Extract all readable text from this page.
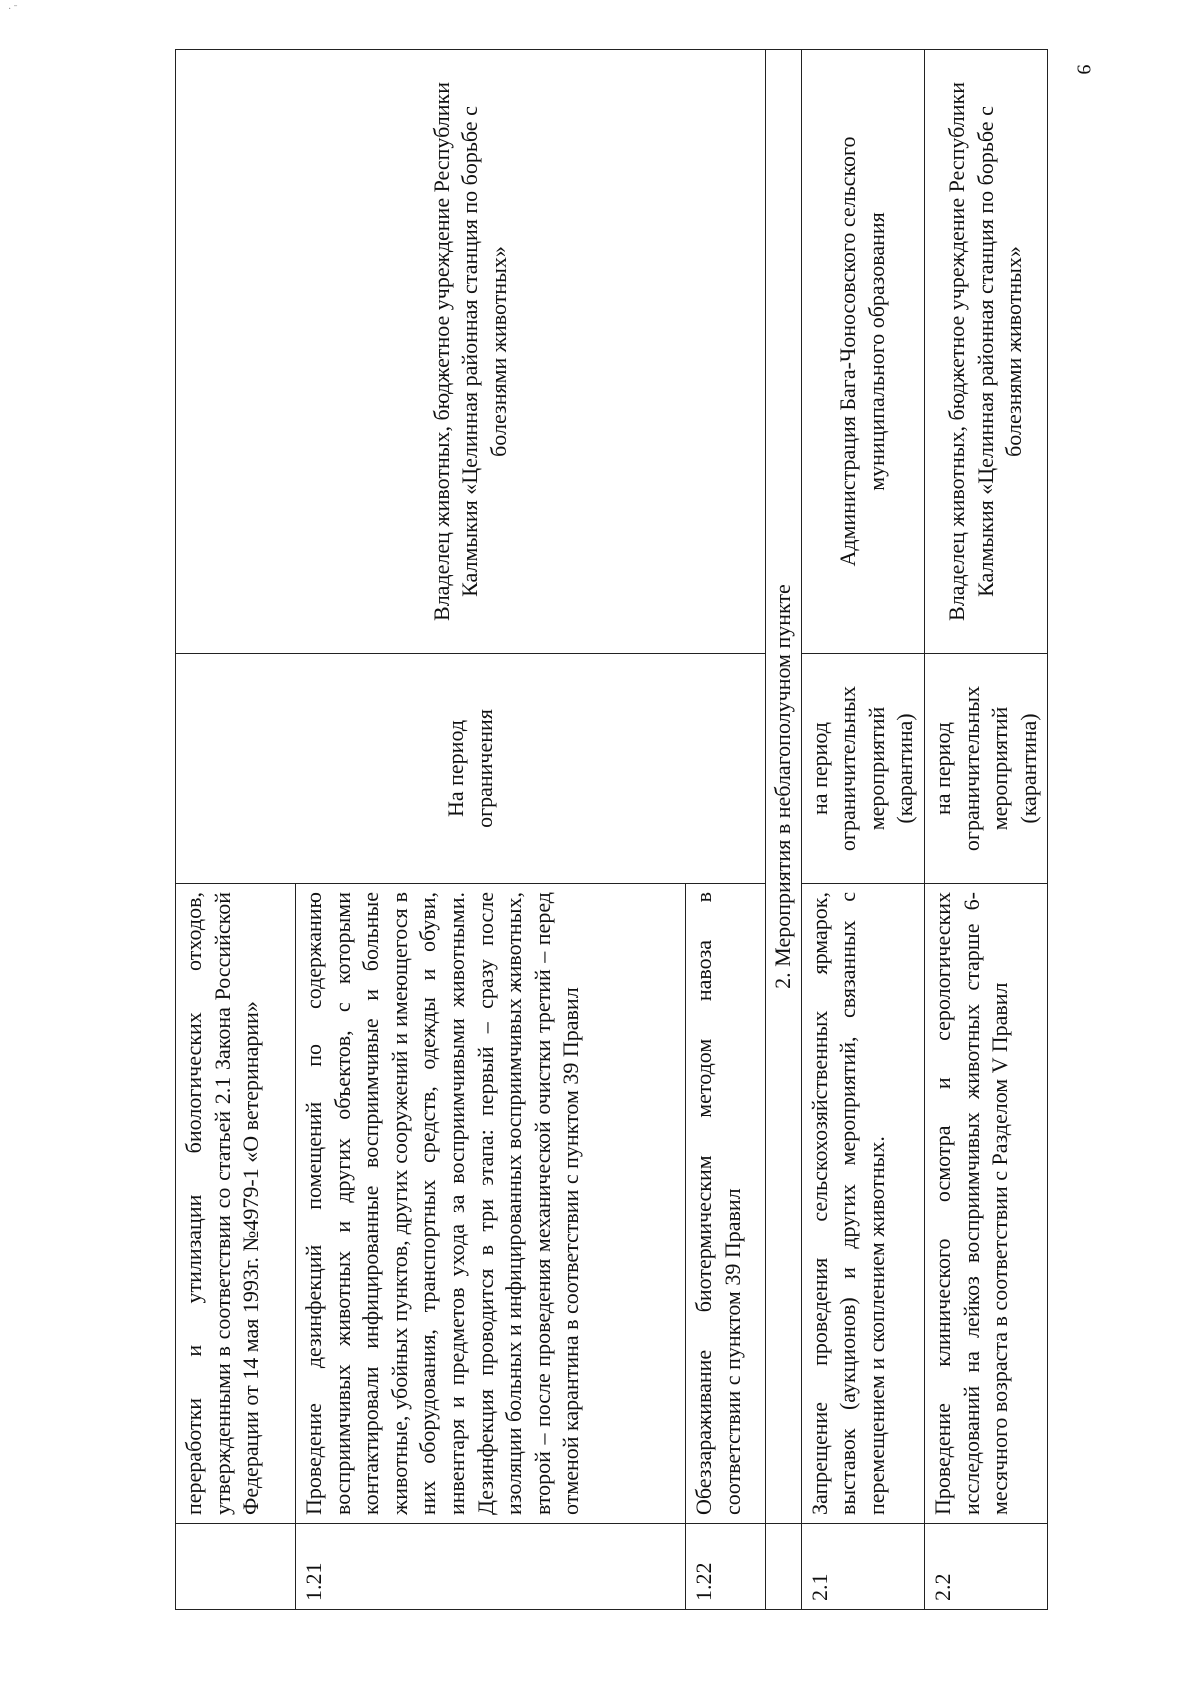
· ˉ
9
	переработки и утилизации биологических отходов, утвержденными в соответствии со статьей 2.1 Закона Российской Федерации от 14 мая 1993г. №4979-1 «О ветеринарии»	На период ограничения	Владелец животных, бюджетное учреждение Республики Калмыкия «Целинная районная станция по борьбе с болезнями животных»
1.21	Проведение дезинфекций помещений по содержанию восприимчивых животных и других объектов, с которыми контактировали инфицированные восприимчивые и больные животные, убойных пунктов, других сооружений и имеющегося в них оборудования, транспортных средств, одежды и обуви, инвентаря и предметов ухода за восприимчивыми животными. Дезинфекция проводится в три этапа: первый – сразу после изоляции больных и инфицированных восприимчивых животных, второй – после проведения механической очистки третий – перед отменой карантина в соответствии с пунктом 39 Правил		
1.22	Обеззараживание биотермическим методом навоза в соответствии с пунктом 39 Правил		
	2. Мероприятия в неблагополучном пункте		
2.1	Запрещение проведения сельскохозяйственных ярмарок, выставок (аукционов) и других мероприятий, связанных с перемещением и скоплением животных.	на период ограничительных мероприятий (карантина)	Администрация Бага-Чоносовского сельского муниципального образования
2.2	Проведение клинического осмотра и серологических исследований на лейкоз восприимчивых животных старше 6-месячного возраста в соответствии с Разделом V Правил	на период ограничительных мероприятий (карантина)	Владелец животных, бюджетное учреждение Республики Калмыкия «Целинная районная станция по борьбе с болезнями животных»
